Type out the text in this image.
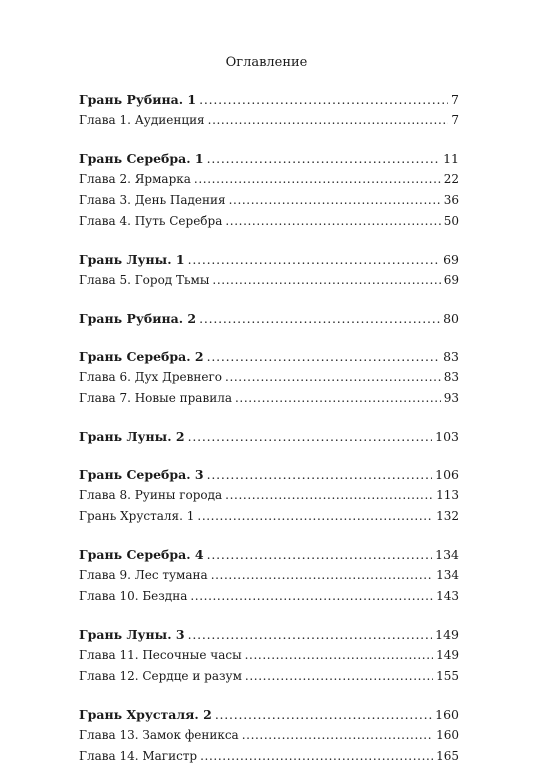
Оглавление
Грань Рубина. 1 . . .	7
Глава 1. Аудиенция . . .	7
Грань Серебра. 1 . . .	11
Глава 2. Ярмарка . . .	22
Глава 3. День Падения . . .	36
Глава 4. Путь Серебра . . .	50
Грань Луны. 1 . . .	69
Глава 5. Город Тьмы . . .	69
Грань Рубина. 2 . . .	80
Грань Серебра. 2 . . .	83
Глава 6. Дух Древнего . . .	83
Глава 7. Новые правила . . .	93
Грань Луны. 2 . . .	103
Грань Серебра. 3 . . .	106
Глава 8. Руины города . . .	113
Грань Хрусталя. 1 . . .	132
Грань Серебра. 4 . . .	134
Глава 9. Лес тумана . . .	134
Глава 10. Бездна . . .	143
Грань Луны. 3 . . .	149
Глава 11. Песочные часы . . .	149
Глава 12. Сердце и разум . . .	155
Грань Хрусталя. 2 . . .	160
Глава 13. Замок феникса . . .	160
Глава 14. Магистр . . .	165
